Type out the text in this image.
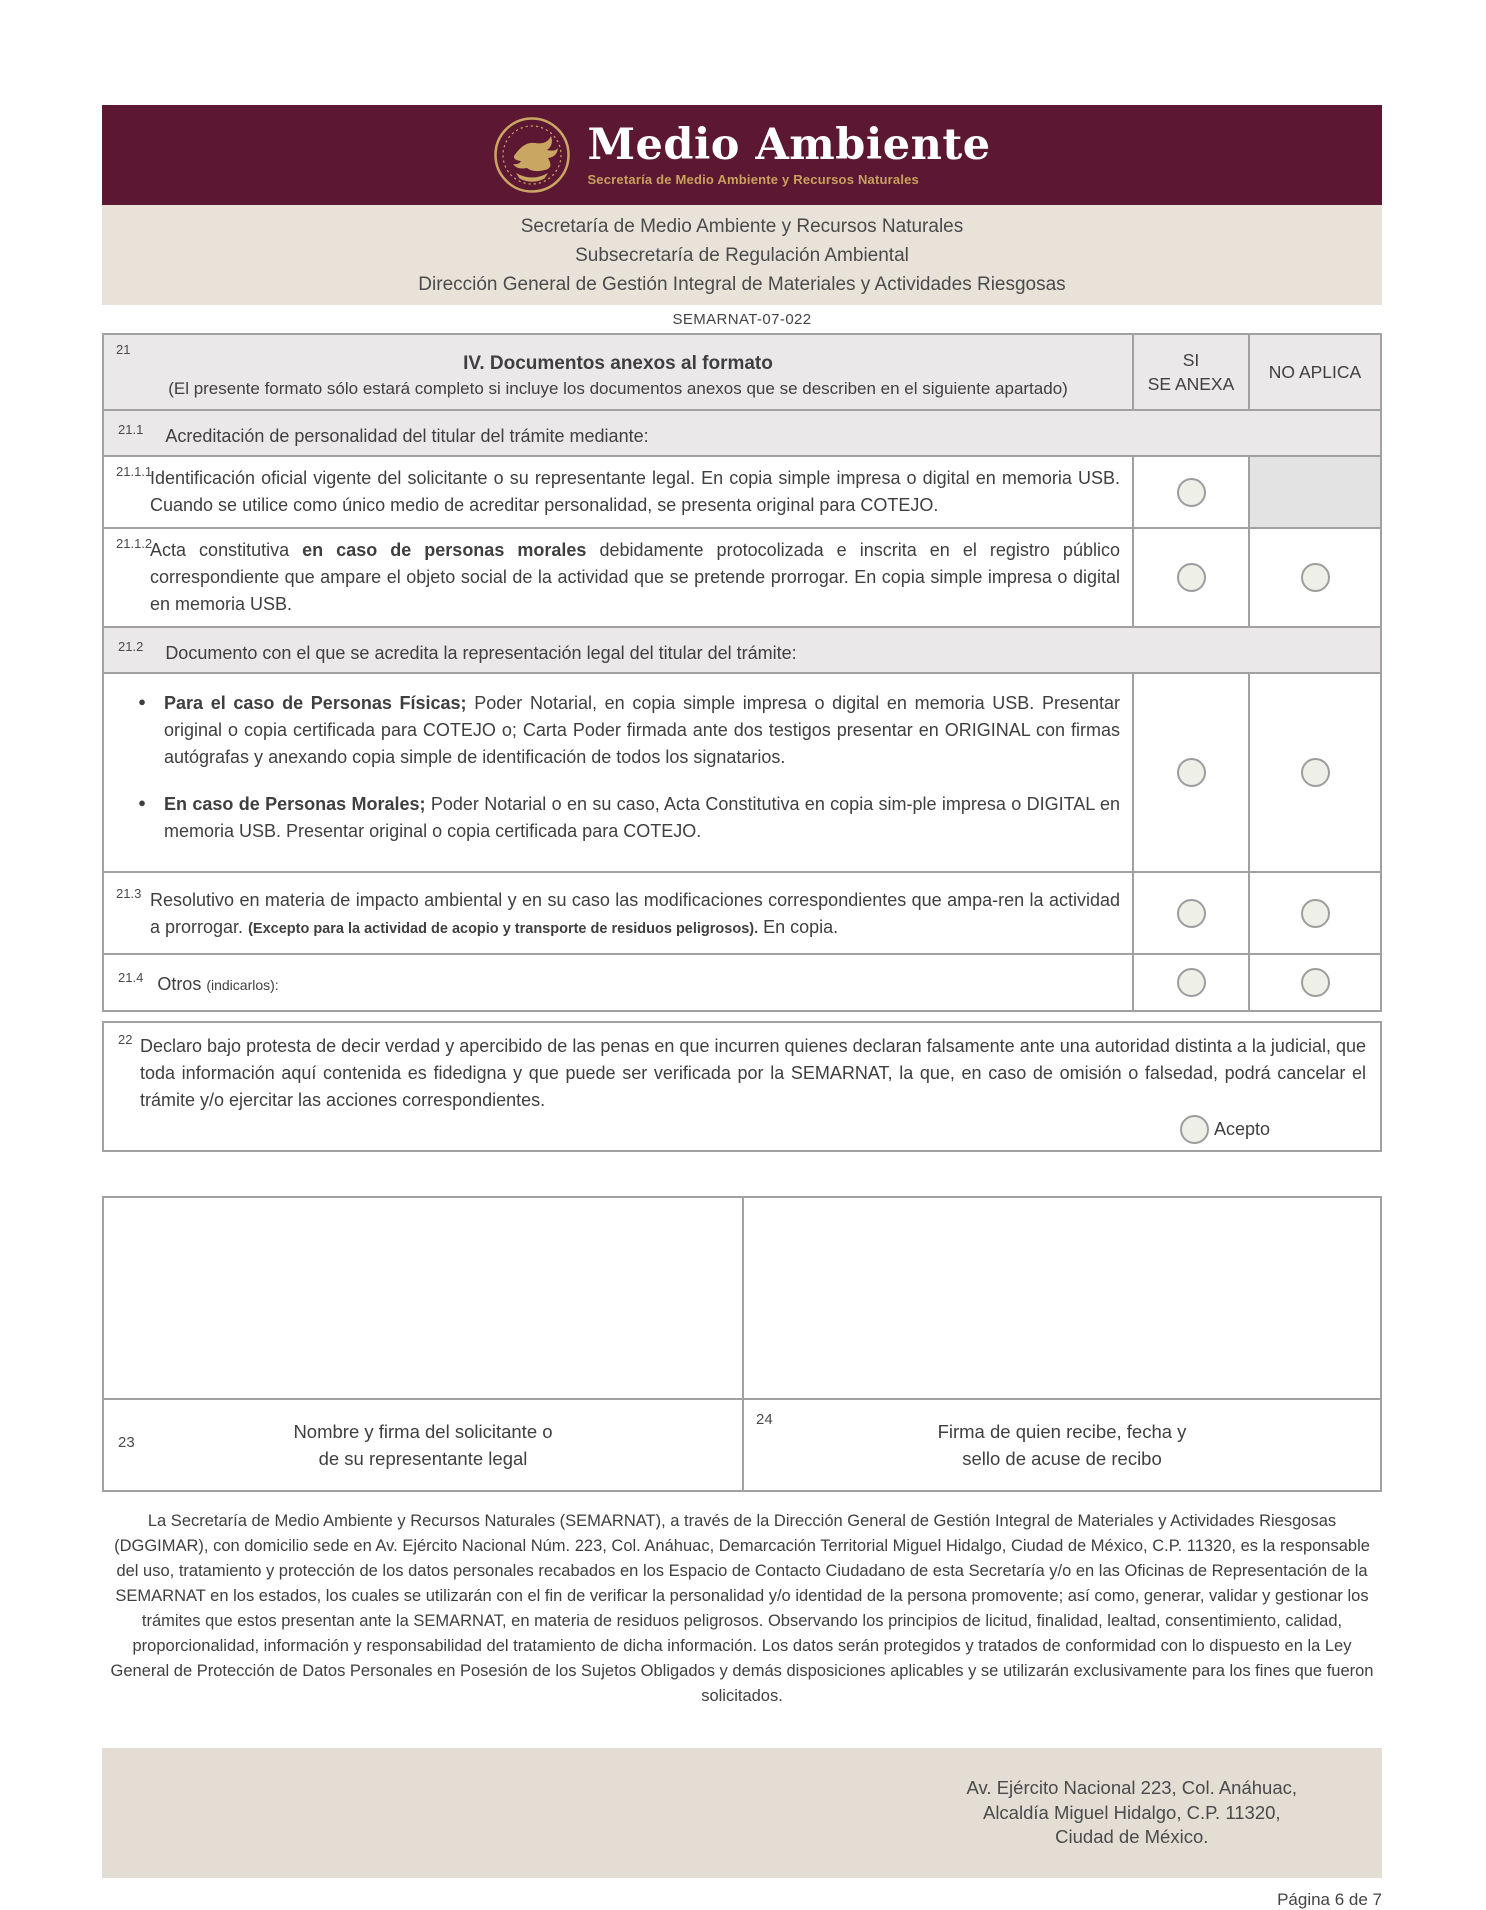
Medio Ambiente
Secretaría de Medio Ambiente y Recursos Naturales
Secretaría de Medio Ambiente y Recursos Naturales
Subsecretaría de Regulación Ambiental
Dirección General de Gestión Integral de Materiales y Actividades Riesgosas
SEMARNAT-07-022
21
IV. Documentos anexos al formato
(El presente formato sólo estará completo si incluye los documentos anexos que se describen en el siguiente apartado)
SI
SE ANEXA
NO APLICA

$^{21.1}$ Acreditación de personalidad del titular del trámite mediante:

21.1.1

Identificación oficial vigente del solicitante o su representante legal. En copia simple impresa o digital en memoria USB. Cuando se utilice como único medio de acreditar personalidad, se presenta original para COTEJO.

21.1.2

Acta constitutiva en caso de personas morales debidamente protocolizada e inscrita en el registro público correspondiente que ampare el objeto social de la actividad que se pretende prorrogar. En copia simple impresa o digital en memoria USB.

$^{21.2}$ Documento con el que se acredita la representación legal del titular del trámite:

●	Para el caso de Personas Físicas; Poder Notarial, en copia simple impresa o digital en memoria USB. Presentar original o copia certificada para COTEJO o; Carta Poder firmada ante dos testigos presentar en ORIGINAL con firmas autógrafas y anexando copia simple de identificación de todos los signatarios.

●	En caso de Personas Morales; Poder Notarial o en su caso, Acta Constitutiva en copia sim-ple impresa o DIGITAL en memoria USB. Presentar original o copia certificada para COTEJO.

21.3 Resolutivo en materia de impacto ambiental y en su caso las modificaciones correspondientes que ampa-ren la actividad a prorrogar. (Excepto para la actividad de acopio y transporte de residuos peligrosos). En copia.

$^{21.4}$ Otros (indicarlos):

22 Declaro bajo protesta de decir verdad y apercibido de las penas en que incurren quienes declaran falsamente ante una autoridad distinta a la judicial, que toda información aquí contenida es fidedigna y que puede ser verificada por la SEMARNAT, la que, en caso de omisión o falsedad, podrá cancelar el trámite y/o ejercitar las acciones correspondientes.

Acepto
23
Nombre y firma del solicitante o
de su representante legal
24
Firma de quien recibe, fecha y
sello de acuse de recibo

La Secretaría de Medio Ambiente y Recursos Naturales (SEMARNAT), a través de la Dirección General de Gestión Integral de Materiales y Actividades Riesgosas (DGGIMAR), con domicilio sede en Av. Ejército Nacional Núm. 223, Col. Anáhuac, Demarcación Territorial Miguel Hidalgo, Ciudad de México, C.P. 11320, es la responsable del uso, tratamiento y protección de los datos personales recabados en los Espacio de Contacto Ciudadano de esta Secretaría y/o en las Oficinas de Representación de la SEMARNAT en los estados, los cuales se utilizarán con el fin de verificar la personalidad y/o identidad de la persona promovente; así como, generar, validar y gestionar los trámites que estos presentan ante la SEMARNAT, en materia de residuos peligrosos. Observando los principios de licitud, finalidad, lealtad, consentimiento, calidad, proporcionalidad, información y responsabilidad del tratamiento de dicha información. Los datos serán protegidos y tratados de conformidad con lo dispuesto en la Ley General de Protección de Datos Personales en Posesión de los Sujetos Obligados y demás disposiciones aplicables y se utilizarán exclusivamente para los fines que fueron solicitados.

Av. Ejército Nacional 223, Col. Anáhuac,
Alcaldía Miguel Hidalgo, C.P. 11320,
Ciudad de México.
Página 6 de 7
